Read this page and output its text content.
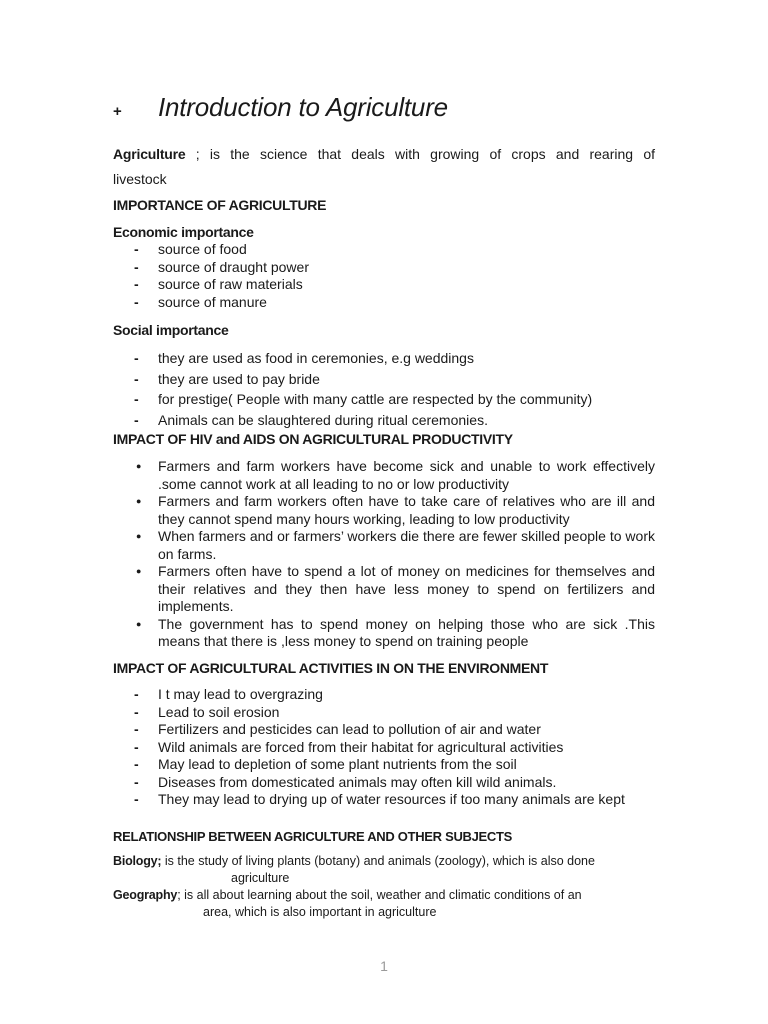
+	Introduction to Agriculture
Agriculture ; is the science that deals with growing of crops and rearing of
livestock
IMPORTANCE OF AGRICULTURE
Economic importance
- source of food
- source of draught power
- source of raw materials
- source of manure
Social importance
- they are used as food in ceremonies, e.g weddings
- they are used to pay bride
- for prestige( People with many cattle are respected by the community)
- Animals can be slaughtered during ritual ceremonies.
IMPACT OF HIV and AIDS ON AGRICULTURAL PRODUCTIVITY
● Farmers and farm workers have become sick and unable to work effectively .some cannot work at all leading to no or low productivity
● Farmers and farm workers often have to take care of relatives who are ill and they cannot spend many hours working, leading to low productivity
● When farmers and or farmers’ workers die there are fewer skilled people to work on farms.
● Farmers often have to spend a lot of money on medicines for themselves and their relatives and they then have less money to spend on fertilizers and implements.
● The government has to spend money on helping those who are sick .This means that there is ,less money to spend on training people
IMPACT OF AGRICULTURAL ACTIVITIES IN ON THE ENVIRONMENT
- I t may lead to overgrazing
- Lead to soil erosion
- Fertilizers and pesticides can lead to pollution of air and water
- Wild animals are forced from their habitat for agricultural activities
- May lead to depletion of some plant nutrients from the soil
- Diseases from domesticated animals may often kill wild animals.
- They may lead to drying up of water resources if too many animals are kept
RELATIONSHIP BETWEEN AGRICULTURE AND OTHER SUBJECTS
Biology; is the study of living plants (botany) and animals (zoology), which is also done
agriculture
Geography; is all about learning about the soil, weather and climatic conditions of an
area, which is also important in agriculture
1
